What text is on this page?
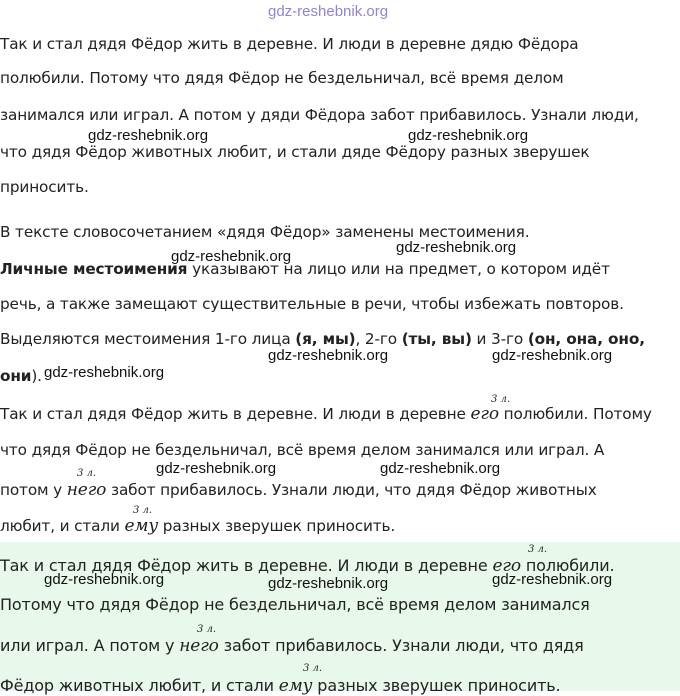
gdz-reshebnik.org
Так и стал дядя Фёдор жить в деревне. И люди в деревне дядю Фёдора
полюбили. Потому что дядя Фёдор не бездельничал, всё время делом
занимался или играл. А потом у дяди Фёдора забот прибавилось. Узнали люди,
что дядя Фёдор животных любит, и стали дяде Фёдору разных зверушек
приносить.
В тексте словосочетанием «дядя Фёдор» заменены местоимения.
Личные местоимения указывают на лицо или на предмет, о котором идёт
речь, а также замещают существительные в речи, чтобы избежать повторов.
Выделяются местоимения 1-го лица (я, мы), 2-го (ты, вы) и 3-го (он, она, оно,
они).
Так и стал дядя Фёдор жить в деревне. И люди в деревне его полюбили. Потому
3 л.
что дядя Фёдор не бездельничал, всё время делом занимался или играл. А
потом у него забот прибавилось. Узнали люди, что дядя Фёдор животных
3 л.
любит, и стали ему разных зверушек приносить.
3 л.
Так и стал дядя Фёдор жить в деревне. И люди в деревне его полюбили.
3 л.
Потому что дядя Фёдор не бездельничал, всё время делом занимался
или играл. А потом у него забот прибавилось. Узнали люди, что дядя
3 л.
Фёдор животных любит, и стали ему разных зверушек приносить.
3 л.
gdz-reshebnik.org	gdz-reshebnik.org
gdz-reshebnik.org
gdz-reshebnik.org
gdz-reshebnik.org	gdz-reshebnik.org
gdz-reshebnik.org
gdz-reshebnik.org	gdz-reshebnik.org
gdz-reshebnik.org	gdz-reshebnik.org	gdz-reshebnik.org
